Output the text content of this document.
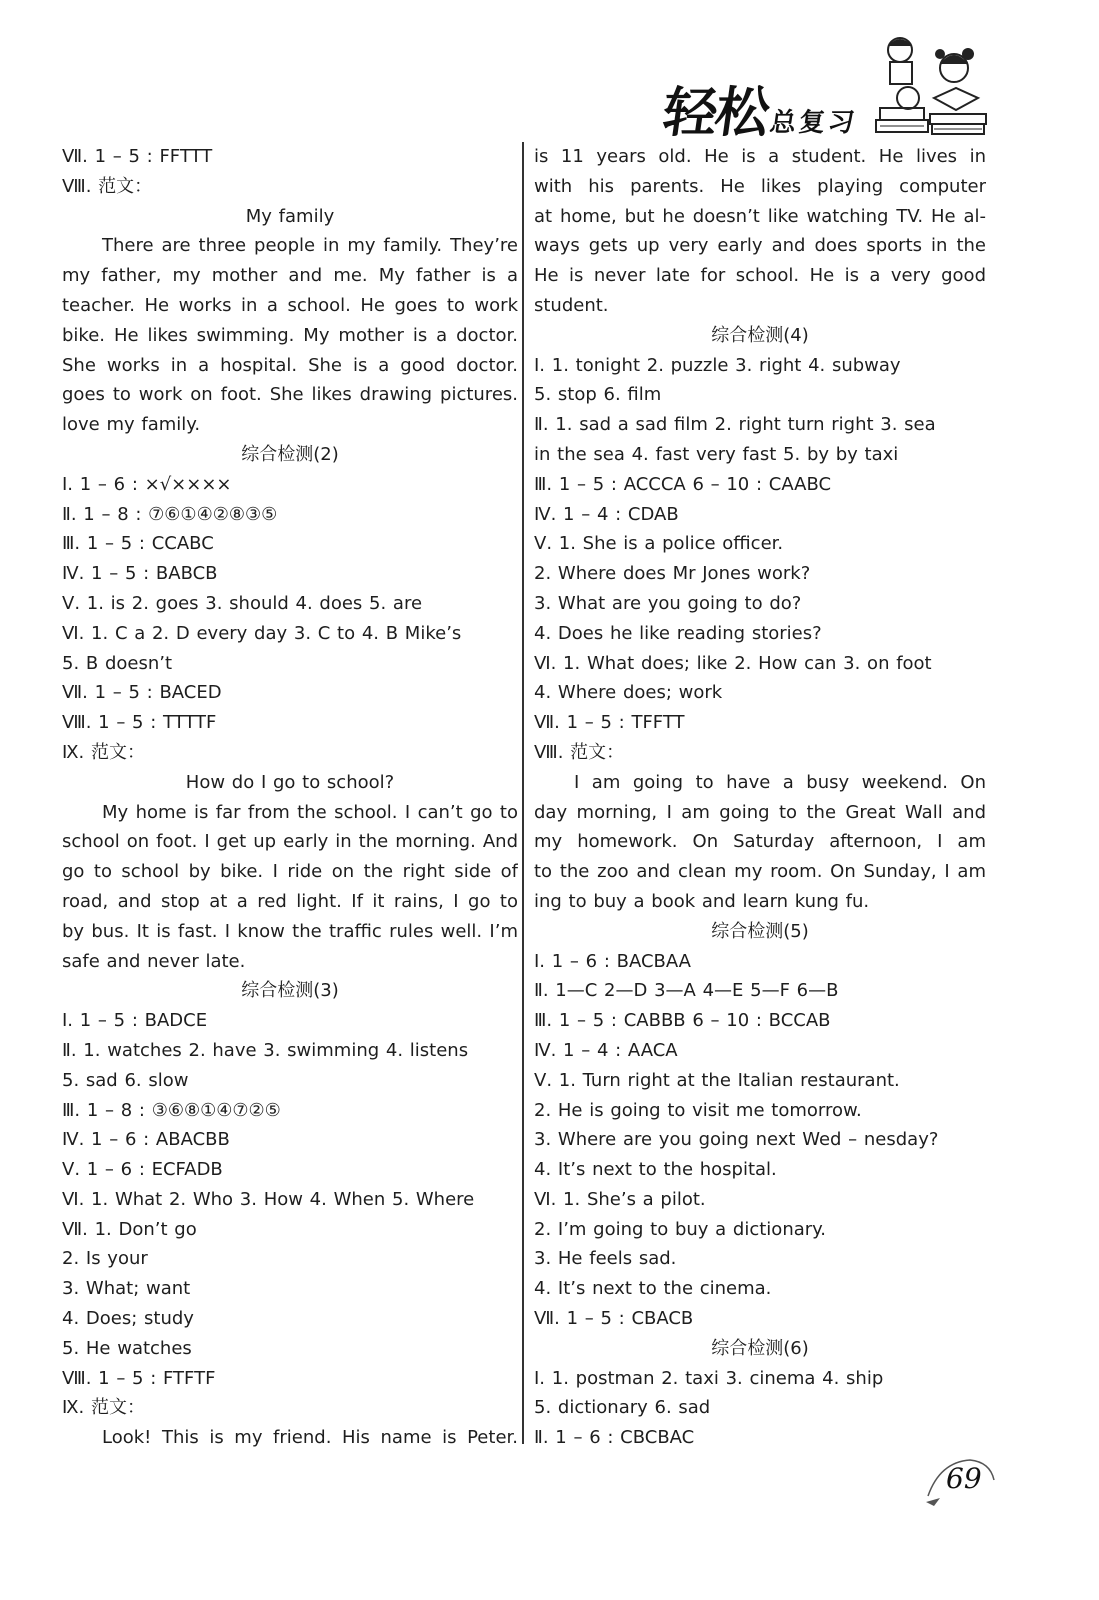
轻松总复习
Ⅶ. 1 – 5 : FFTTT
Ⅷ. 范文：
My family
There are three people in my family. They’re
my father, my mother and me. My father is a
teacher. He works in a school. He goes to work
bike. He likes swimming. My mother is a doctor.
She works in a hospital. She is a good doctor.
goes to work on foot. She likes drawing pictures.
love my family.
综合检测(2)
Ⅰ. 1 – 6 : ×√××××
Ⅱ. 1 – 8 : ⑦⑥①④②⑧③⑤
Ⅲ. 1 – 5 : CCABC
Ⅳ. 1 – 5 : BABCB
Ⅴ. 1. is 2. goes 3. should 4. does 5. are
Ⅵ. 1. C a 2. D every day 3. C to 4. B Mike’s
5. B doesn’t
Ⅶ. 1 – 5 : BACED
Ⅷ. 1 – 5 : TTTTF
Ⅸ. 范文：
How do I go to school?
My home is far from the school. I can’t go to
school on foot. I get up early in the morning. And
go to school by bike. I ride on the right side of
road, and stop at a red light. If it rains, I go to
by bus. It is fast. I know the traffic rules well. I’m
safe and never late.
综合检测(3)
Ⅰ. 1 – 5 : BADCE
Ⅱ. 1. watches 2. have 3. swimming 4. listens
5. sad 6. slow
Ⅲ. 1 – 8 : ③⑥⑧①④⑦②⑤
Ⅳ. 1 – 6 : ABACBB
Ⅴ. 1 – 6 : ECFADB
Ⅵ. 1. What 2. Who 3. How 4. When 5. Where
Ⅶ. 1. Don’t go
2. Is your
3. What; want
4. Does; study
5. He watches
Ⅷ. 1 – 5 : FTFTF
Ⅸ. 范文：
Look! This is my friend. His name is Peter.
is 11 years old. He is a student. He lives in
with his parents. He likes playing computer
at home, but he doesn’t like watching TV. He al-
ways gets up very early and does sports in the
He is never late for school. He is a very good
student.
综合检测(4)
Ⅰ. 1. tonight 2. puzzle 3. right 4. subway
5. stop 6. film
Ⅱ. 1. sad a sad film 2. right turn right 3. sea
in the sea 4. fast very fast 5. by by taxi
Ⅲ. 1 – 5 : ACCCA 6 – 10 : CAABC
Ⅳ. 1 – 4 : CDAB
Ⅴ. 1. She is a police officer.
2. Where does Mr Jones work?
3. What are you going to do?
4. Does he like reading stories?
Ⅵ. 1. What does; like 2. How can 3. on foot
4. Where does; work
Ⅶ. 1 – 5 : TFFTT
Ⅷ. 范文：
I am going to have a busy weekend. On
day morning, I am going to the Great Wall and
my homework. On Saturday afternoon, I am
to the zoo and clean my room. On Sunday, I am
ing to buy a book and learn kung fu.
综合检测(5)
Ⅰ. 1 – 6 : BACBAA
Ⅱ. 1—C 2—D 3—A 4—E 5—F 6—B
Ⅲ. 1 – 5 : CABBB 6 – 10 : BCCAB
Ⅳ. 1 – 4 : AACA
Ⅴ. 1. Turn right at the Italian restaurant.
2. He is going to visit me tomorrow.
3. Where are you going next Wed – nesday?
4. It’s next to the hospital.
Ⅵ. 1. She’s a pilot.
2. I’m going to buy a dictionary.
3. He feels sad.
4. It’s next to the cinema.
Ⅶ. 1 – 5 : CBACB
综合检测(6)
Ⅰ. 1. postman 2. taxi 3. cinema 4. ship
5. dictionary 6. sad
Ⅱ. 1 – 6 : CBCBAC
69
